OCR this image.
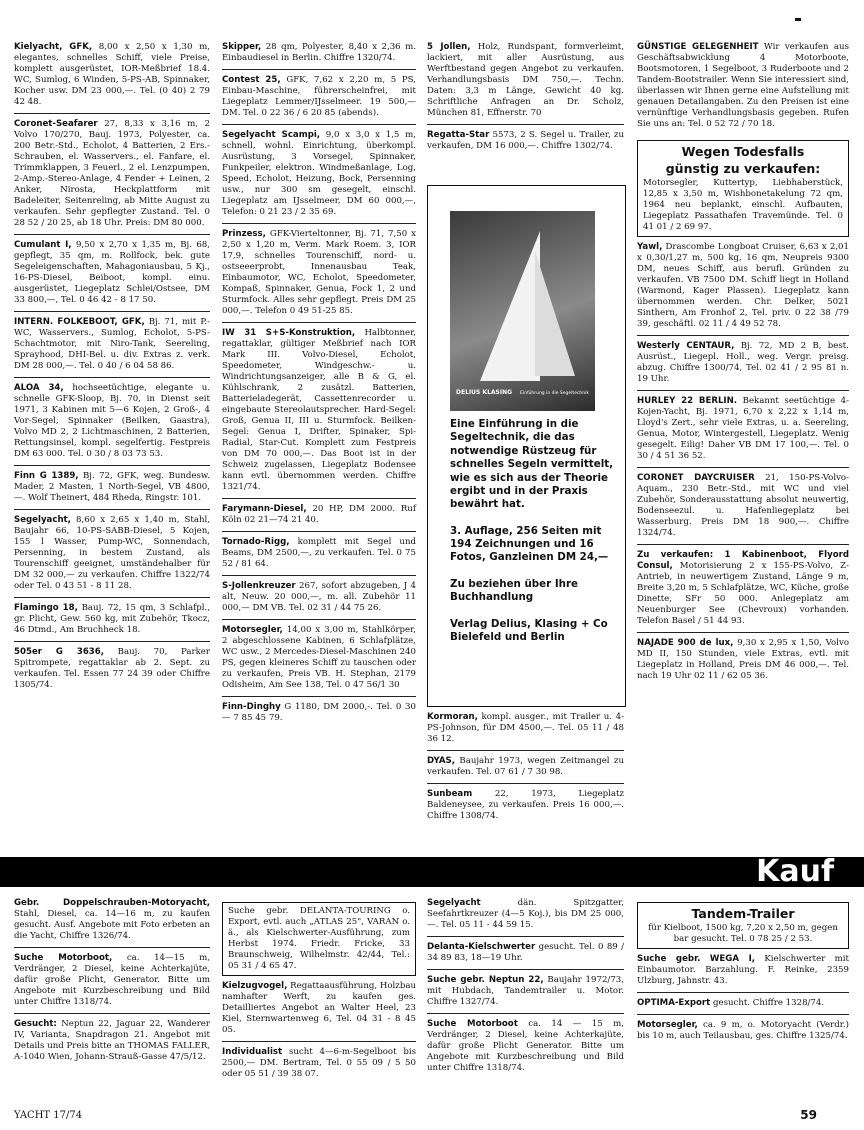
Kielyacht, GFK, 8,00 x 2,50 x 1,30 m, elegantes, schnelles Schiff, viele Preise, komplett ausgerüstet, IOR-Meßbrief 18.4. WC, Sumlog, 6 Winden, 5-PS-AB, Spinnaker, Kocher usw. DM 23 000,—. Tel. (0 40) 2 79 42 48.
Coronet-Seafarer 27, 8,33 x 3,16 m, 2 Volvo 170/270, Bauj. 1973, Polyester, ca. 200 Betr.-Std., Echolot, 4 Batterien, 2 Ers.-Schrauben, el. Wasservers., el. Fanfare, el. Trimmklappen, 3 Feuerl., 2 el. Lenzpumpen, 2-Amp.-Stereo-Anlage, 4 Fender + Leinen, 2 Anker, Nirosta, Heckplattform mit Badeleiter, Seitenreling, ab Mitte August zu verkaufen. Sehr gepflegter Zustand. Tel. 0 28 52 / 20 25, ab 18 Uhr. Preis: DM 80 000.
Cumulant I, 9,50 x 2,70 x 1,35 m, Bj. 68, gepflegt, 35 qm, m. Rollfock, bek. gute Segeleigenschaften, Mahagoniausbau, 5 Kj., 16-PS-Diesel, Beiboot, kompl. einu. ausgerüstet, Liegeplatz Schlei/Ostsee, DM 33 800,—, Tel. 0 46 42 - 8 17 50.
INTERN. FOLKEBOOT, GFK, Bj. 71, mit P.-WC, Wasservers., Sumlog, Echolot, 5-PS-Schachtmotor, mit Niro-Tank, Seereling, Sprayhood, DHI-Bel. u. div. Extras z. verk. DM 28 000,—. Tel. 0 40 / 6 04 58 86.
ALOA 34, hochseetüchtige, elegante u. schnelle GFK-Sloop, Bj. 70, in Dienst seit 1971, 3 Kabinen mit 5—6 Kojen, 2 Groß-, 4 Vor-Segel, Spinnaker (Beilken, Gaastra), Volvo MD 2, 2 Lichtmaschinen, 2 Batterien, Rettungsinsel, kompl. segelfertig. Festpreis DM 63 000. Tel. 0 30 / 8 03 73 53.
Finn G 1389, Bj. 72, GFK, weg. Bundesw. Mader, 2 Masten, 1 North-Segel, VB 4800,—. Wolf Theinert, 484 Rheda, Ringstr. 101.
Segelyacht, 8,60 x 2,65 x 1,40 m, Stahl, Baujahr 66, 10-PS-SABB-Diesel, 5 Kojen, 155 l Wasser, Pump-WC, Sonnendach, Persenning, in bestem Zustand, als Tourenschiff geeignet, umständehalber für DM 32 000,— zu verkaufen. Chiffre 1322/74 oder Tel. 0 43 51 - 8 11 28.
Flamingo 18, Bauj. 72, 15 qm, 3 Schlafpl., gr. Plicht, Gew. 560 kg, mit Zubehör, Tkocz, 46 Dtmd., Am Bruchheck 18.
505er G 3636, Bauj. 70, Parker Spitrompete, regattaklar ab 2. Sept. zu verkaufen. Tel. Essen 77 24 39 oder Chiffre 1305/74.
Skipper, 28 qm, Polyester, 8,40 x 2,36 m. Einbaudiesel in Berlin. Chiffre 1320/74.
Contest 25, GFK, 7,62 x 2,20 m, 5 PS, Einbau-Maschine, führerscheinfrei, mit Liegeplatz Lemmer/IJsselmeer. 19 500,— DM. Tel. 0 22 36 / 6 20 85 (abends).
Segelyacht Scampi, 9,0 x 3,0 x 1,5 m, schnell, wohnl. Einrichtung, überkompl. Ausrüstung, 3 Vorsegel, Spinnaker, Funkpeiler, elektron. Windmeßanlage, Log, Speed, Echolot, Heizung, Bock, Persenning usw., nur 300 sm gesegelt, einschl. Liegeplatz am IJsselmeer, DM 60 000,—, Telefon: 0 21 23 / 2 35 69.
Prinzess, GFK-Vierteltonner, Bj. 71, 7,50 x 2,50 x 1,20 m, Verm. Mark Roem. 3, IOR 17,9, schnelles Tourenschiff, nord- u. ostseeerprobt, Innenausbau Teak, Einbaumotor, WC, Echolot, Speedometer, Kompaß, Spinnaker, Genua, Fock 1, 2 und Sturmfock. Alles sehr gepflegt. Preis DM 25 000,—. Telefon 0 49 51-25 85.
IW 31 S+S-Konstruktion, Halbtonner, regattaklar, gültiger Meßbrief nach IOR Mark III. Volvo-Diesel, Echolot, Speedometer, Windgeschw.- u. Windrichtungsanzeiger, alle B & G, el. Kühlschrank, 2 zusätzl. Batterien, Batterieladegerät, Cassettenrecorder u. eingebaute Stereolautsprecher. Hard-Segel: Groß, Genua II, III u. Sturmfock. Beilken-Segel: Genua I, Drifter, Spinaker, Spi-Radial, Star-Cut. Komplett zum Festpreis von DM 70 000,—. Das Boot ist in der Schweiz zugelassen, Liegeplatz Bodensee kann evtl. übernommen werden. Chiffre 1321/74.
Farymann-Diesel, 20 HP, DM 2000. Ruf Köln 02 21—74 21 40.
Tornado-Rigg, komplett mit Segel und Beams, DM 2500,—, zu verkaufen. Tel. 0 75 52 / 81 64.
S-Jollenkreuzer 267, sofort abzugeben, J 4 alt, Neuw. 20 000,—, m. all. Zubehör 11 000,— DM VB. Tel. 02 31 / 44 75 26.
Motorsegler, 14,00 x 3,00 m, Stahlkörper, 2 abgeschlossene Kabinen, 6 Schlafplätze, WC usw., 2 Mercedes-Diesel-Maschinen 240 PS, gegen kleineres Schiff zu tauschen oder zu verkaufen, Preis VB. H. Stephan, 2179 Odisheim, Am See 138, Tel. 0 47 56/1 30
Finn-Dinghy G 1180, DM 2000,-. Tel. 0 30 — 7 85 45 79.
5 Jollen, Holz, Rundspant, formverleimt, lackiert, mit aller Ausrüstung, aus Werftbestand gegen Angebot zu verkaufen. Verhandlungsbasis DM 750,—. Techn. Daten: 3,3 m Länge, Gewicht 40 kg. Schriftliche Anfragen an Dr. Scholz, München 81, Effnerstr. 70
Regatta-Star 5573, 2 S. Segel u. Trailer, zu verkaufen, DM 16 000,—. Chiffre 1302/74.
DELIUS KLASING Einführung in die Segeltechnik

Eine Einführung in die Segeltechnik, die das notwendige Rüstzeug für schnelles Segeln vermittelt, wie es sich aus der Theorie ergibt und in der Praxis bewährt hat.

3. Auflage, 256 Seiten mit 194 Zeichnungen und 16 Fotos, Ganzleinen DM 24,—

Zu beziehen über Ihre Buchhandlung

Verlag Delius, Klasing + Co Bielefeld und Berlin

Kormoran, kompl. ausger., mit Trailer u. 4-PS-Johnson, für DM 4500,—. Tel. 05 11 / 48 36 12.
DYAS, Baujahr 1973, wegen Zeitmangel zu verkaufen. Tel. 07 61 / 7 30 98.
Sunbeam	22, 1973, Liegeplatz Baldeneysee, zu verkaufen. Preis 16 000,—. Chiffre 1308/74.
GÜNSTIGE GELEGENHEIT Wir verkaufen aus Geschäftsabwicklung 4 Motorboote, Bootsmotoren, 1 Segelboot, 3 Ruderboote und 2 Tandem-Bootstrailer. Wenn Sie interessiert sind, überlassen wir Ihnen gerne eine Aufstellung mit genauen Detailangaben. Zu den Preisen ist eine vernünftige Verhandlungsbasis gegeben. Rufen Sie uns an: Tel. 0 52 72 / 70 18.
Wegen Todesfalls
günstig zu verkaufen:
Motorsegler, Kuttertyp, Liebhaberstück, 12,85 x 3,50 m, Wishbonetakelung 72 qm, 1964 neu beplankt, einschl. Aufbauten, Liegeplatz Passathafen Travemünde. Tel. 0 41 01 / 2 69 97.
Yawl, Drascombe Longboat Cruiser, 6,63 x 2,01 x 0,30/1,27 m, 500 kg, 16 qm, Neupreis 9300 DM, neues Schiff, aus berufl. Gründen zu verkaufen. VB 7500 DM. Schiff liegt in Holland (Warmond, Kager Plassen). Liegeplatz kann übernommen werden. Chr. Delker, 5021 Sinthern, Am Fronhof 2, Tel. priv. 0 22 38 /79 39, geschäftl. 02 11 / 4 49 52 78.
Westerly CENTAUR, Bj. 72, MD 2 B, best. Ausrüst., Liegepl. Holl., weg. Vergr. preisg. abzug. Chiffre 1300/74, Tel. 02 41 / 2 95 81 n. 19 Uhr.
HURLEY 22 BERLIN. Bekannt seetüchtige 4-Kojen-Yacht, Bj. 1971, 6,70 x 2,22 x 1,14 m, Lloyd's Zert., sehr viele Extras, u. a. Seereling, Genua, Motor, Wintergestell, Liegeplatz. Wenig gesegelt. Eilig! Daher VB DM 17 100,—. Tel. 0 30 / 4 51 36 52.
CORONET DAYCRUISER 21, 150-PS-Volvo-Aquam., 230 Betr.-Std., mit WC und viel Zubehör, Sonderausstattung absolut neuwertig, Bodenseezul. u. Hafenliegeplatz bei Wasserburg. Preis DM 18 900,—. Chiffre 1324/74.
Zu verkaufen: 1 Kabinenboot, Flyord Consul, Motorisierung 2 x 155-PS-Volvo, Z-Antrieb, in neuwertigem Zustand, Länge 9 m, Breite 3,20 m, 5 Schlafplätze, WC, Küche, große Dinette, SFr 50 000. Anlegeplatz am Neuenburger See (Chevroux) vorhanden. Telefon Basel / 51 44 93.
NAJADE 900 de lux, 9,30 x 2,95 x 1,50, Volvo MD II, 150 Stunden, viele Extras, evtl. mit Liegeplatz in Holland, Preis DM 46 000,—. Tel. nach 19 Uhr 02 11 / 62 05 36.
Kauf
Gebr. Doppelschrauben-Motoryacht, Stahl, Diesel, ca. 14—16 m, zu kaufen gesucht. Ausf. Angebote mit Foto erbeten an die Yacht, Chiffre 1326/74.
Suche Motorboot, ca. 14—15 m, Verdränger, 2 Diesel, keine Achterkajüte, dafür große Plicht, Generator. Bitte um Angebote mit Kurzbeschreibung und Bild unter Chiffre 1318/74.
Gesucht: Neptun 22, Jaguar 22, Wanderer IV, Varianta, Snapdragon 21. Angebot mit Details und Preis bitte an THOMAS FALLER, A-1040 Wien, Johann-Strauß-Gasse 47/5/12.
Suche gebr. DELANTA-TOURING o. Export, evtl. auch „ATLAS 25", VARAN o. ä., als Kielschwerter-Ausführung, zum Herbst 1974. Friedr. Fricke, 33 Braunschweig, Wilhelmstr. 42/44, Tel.: 05 31 / 4 65 47.
Kielzugvogel, Regattaausführung, Holzbau namhafter Werft, zu kaufen ges. Detailliertes Angebot an Walter Heel, 23 Kiel, Sternwartenweg 6, Tel. 04 31 - 8 45 05.
Individualist sucht 4—6-m-Segelboot bis 2500,— DM. Bertram, Tel. 0 55 09 / 5 50 oder 05 51 / 39 38 07.
Segelyacht	dän. Spitzgatter, Seefahrtkreuzer (4—5 Koj.), bis DM 25 000,—. Tel. 05 11 - 44 59 15.
Delanta-Kielschwerter gesucht. Tel. 0 89 / 34 89 83, 18—19 Uhr.
Suche gebr. Neptun 22, Baujahr 1972/73, mit Hubdach, Tandemtrailer u. Motor. Chiffre 1327/74.
Suche Motorboot ca. 14 — 15 m, Verdränger, 2 Diesel, keine Achterkajüte, dafür große Plicht Generator. Bitte um Angebote mit Kurzbeschreibung und Bild unter Chiffre 1318/74.
Tandem-Trailer
für Kielboot, 1500 kg, 7,20 x 2,50 m, gegen bar gesucht. Tel. 0 78 25 / 2 53.
Suche gebr. WEGA I, Kielschwerter mit Einbaumotor. Barzahlung. F. Reinke, 2359 Ulzburg, Jahnstr. 43.
OPTIMA-Export gesucht. Chiffre 1328/74.
Motorsegler, ca. 9 m, o. Motoryacht (Verdr.) bis 10 m, auch Teilausbau, ges. Chiffre 1325/74.
YACHT 17/74	59
